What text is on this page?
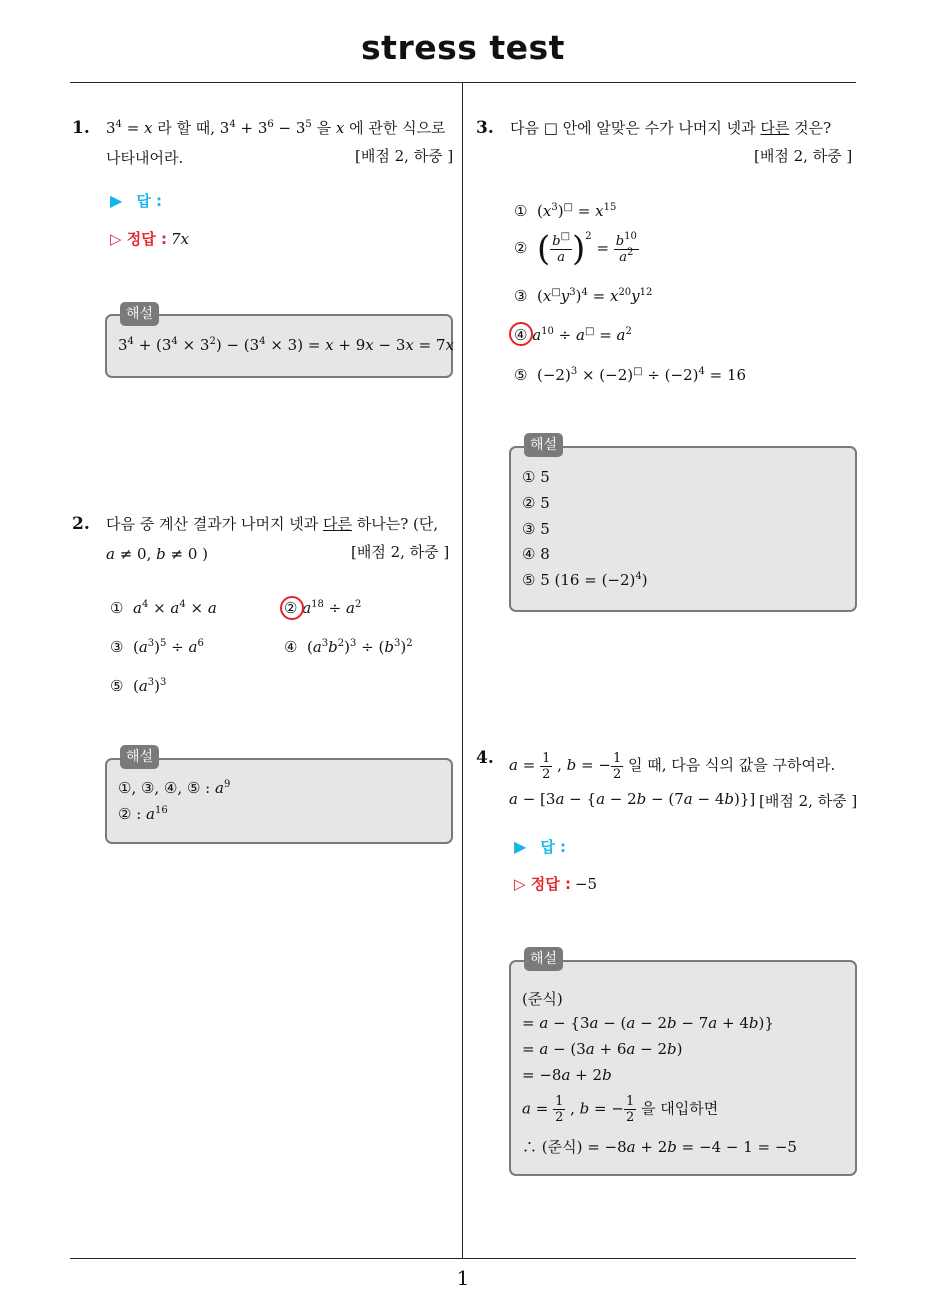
stress test
1
1. $3^4 = x$ 라 할 때, $3^4 + 3^6 - 3^5$ 을 x 에 관한 식으로
나타내어라.	[배점 2, 하중 ]
▶ 답 :
▷ 정답 : 7x
해설
$3^4 + (3^4 \times 3^2) - (3^4 \times 3) = x + 9x - 3x = 7x$
2. 다음 중 계산 결과가 나머지 넷과 다른 하나는? (단,
a ≠ 0, b ≠ 0 )	[배점 2, 하중 ]
①  $a^4 \times a^4 \times a$	② $a^{18} \div a^2$
③  $(a^3)^5 \div a^6$	④  $(a^3b^2)^3 \div (b^3)^2$
⑤  $(a^3)^3$
해설
①, ③, ④, ⑤ : $a^9$
② : $a^{16}$
3. 다음 □ 안에 알맞은 수가 나머지 넷과 다른 것은?
[배점 2, 하중 ]
①  $(x^3)^□ = x^{15}$
②  ( $\frac{b^□}{a} )^2 = \frac{b^{10}}{a^2}$
③  $(x^□y^3)^4 = x^{20}y^{12}$
④ $a^{10} \div a^□ = a^2$
⑤  $(-2)^3 \times (-2)^□ \div (-2)^4 = 16$
해설
① 5
② 5
③ 5
④ 8
⑤ 5 $(16 = (-2)^4)$
4. $a = \frac{1}{2}$ , b = − $\frac{1}{2}$ 일 때, 다음 식의 값을 구하여라.
a − [3a − {a − 2b − (7a − 4b)}] [배점 2, 하중 ]
▶ 답 :
▷ 정답 : −5
해설
(준식)
= a − {3a − (a − 2b − 7a + 4b)}
= a − (3a + 6a − 2b)
= −8a + 2b
$a = \frac{1}{2}$ , b = − $\frac{1}{2}$ 을 대입하면
∴ (준식) = −8a + 2b = −4 − 1 = −5
